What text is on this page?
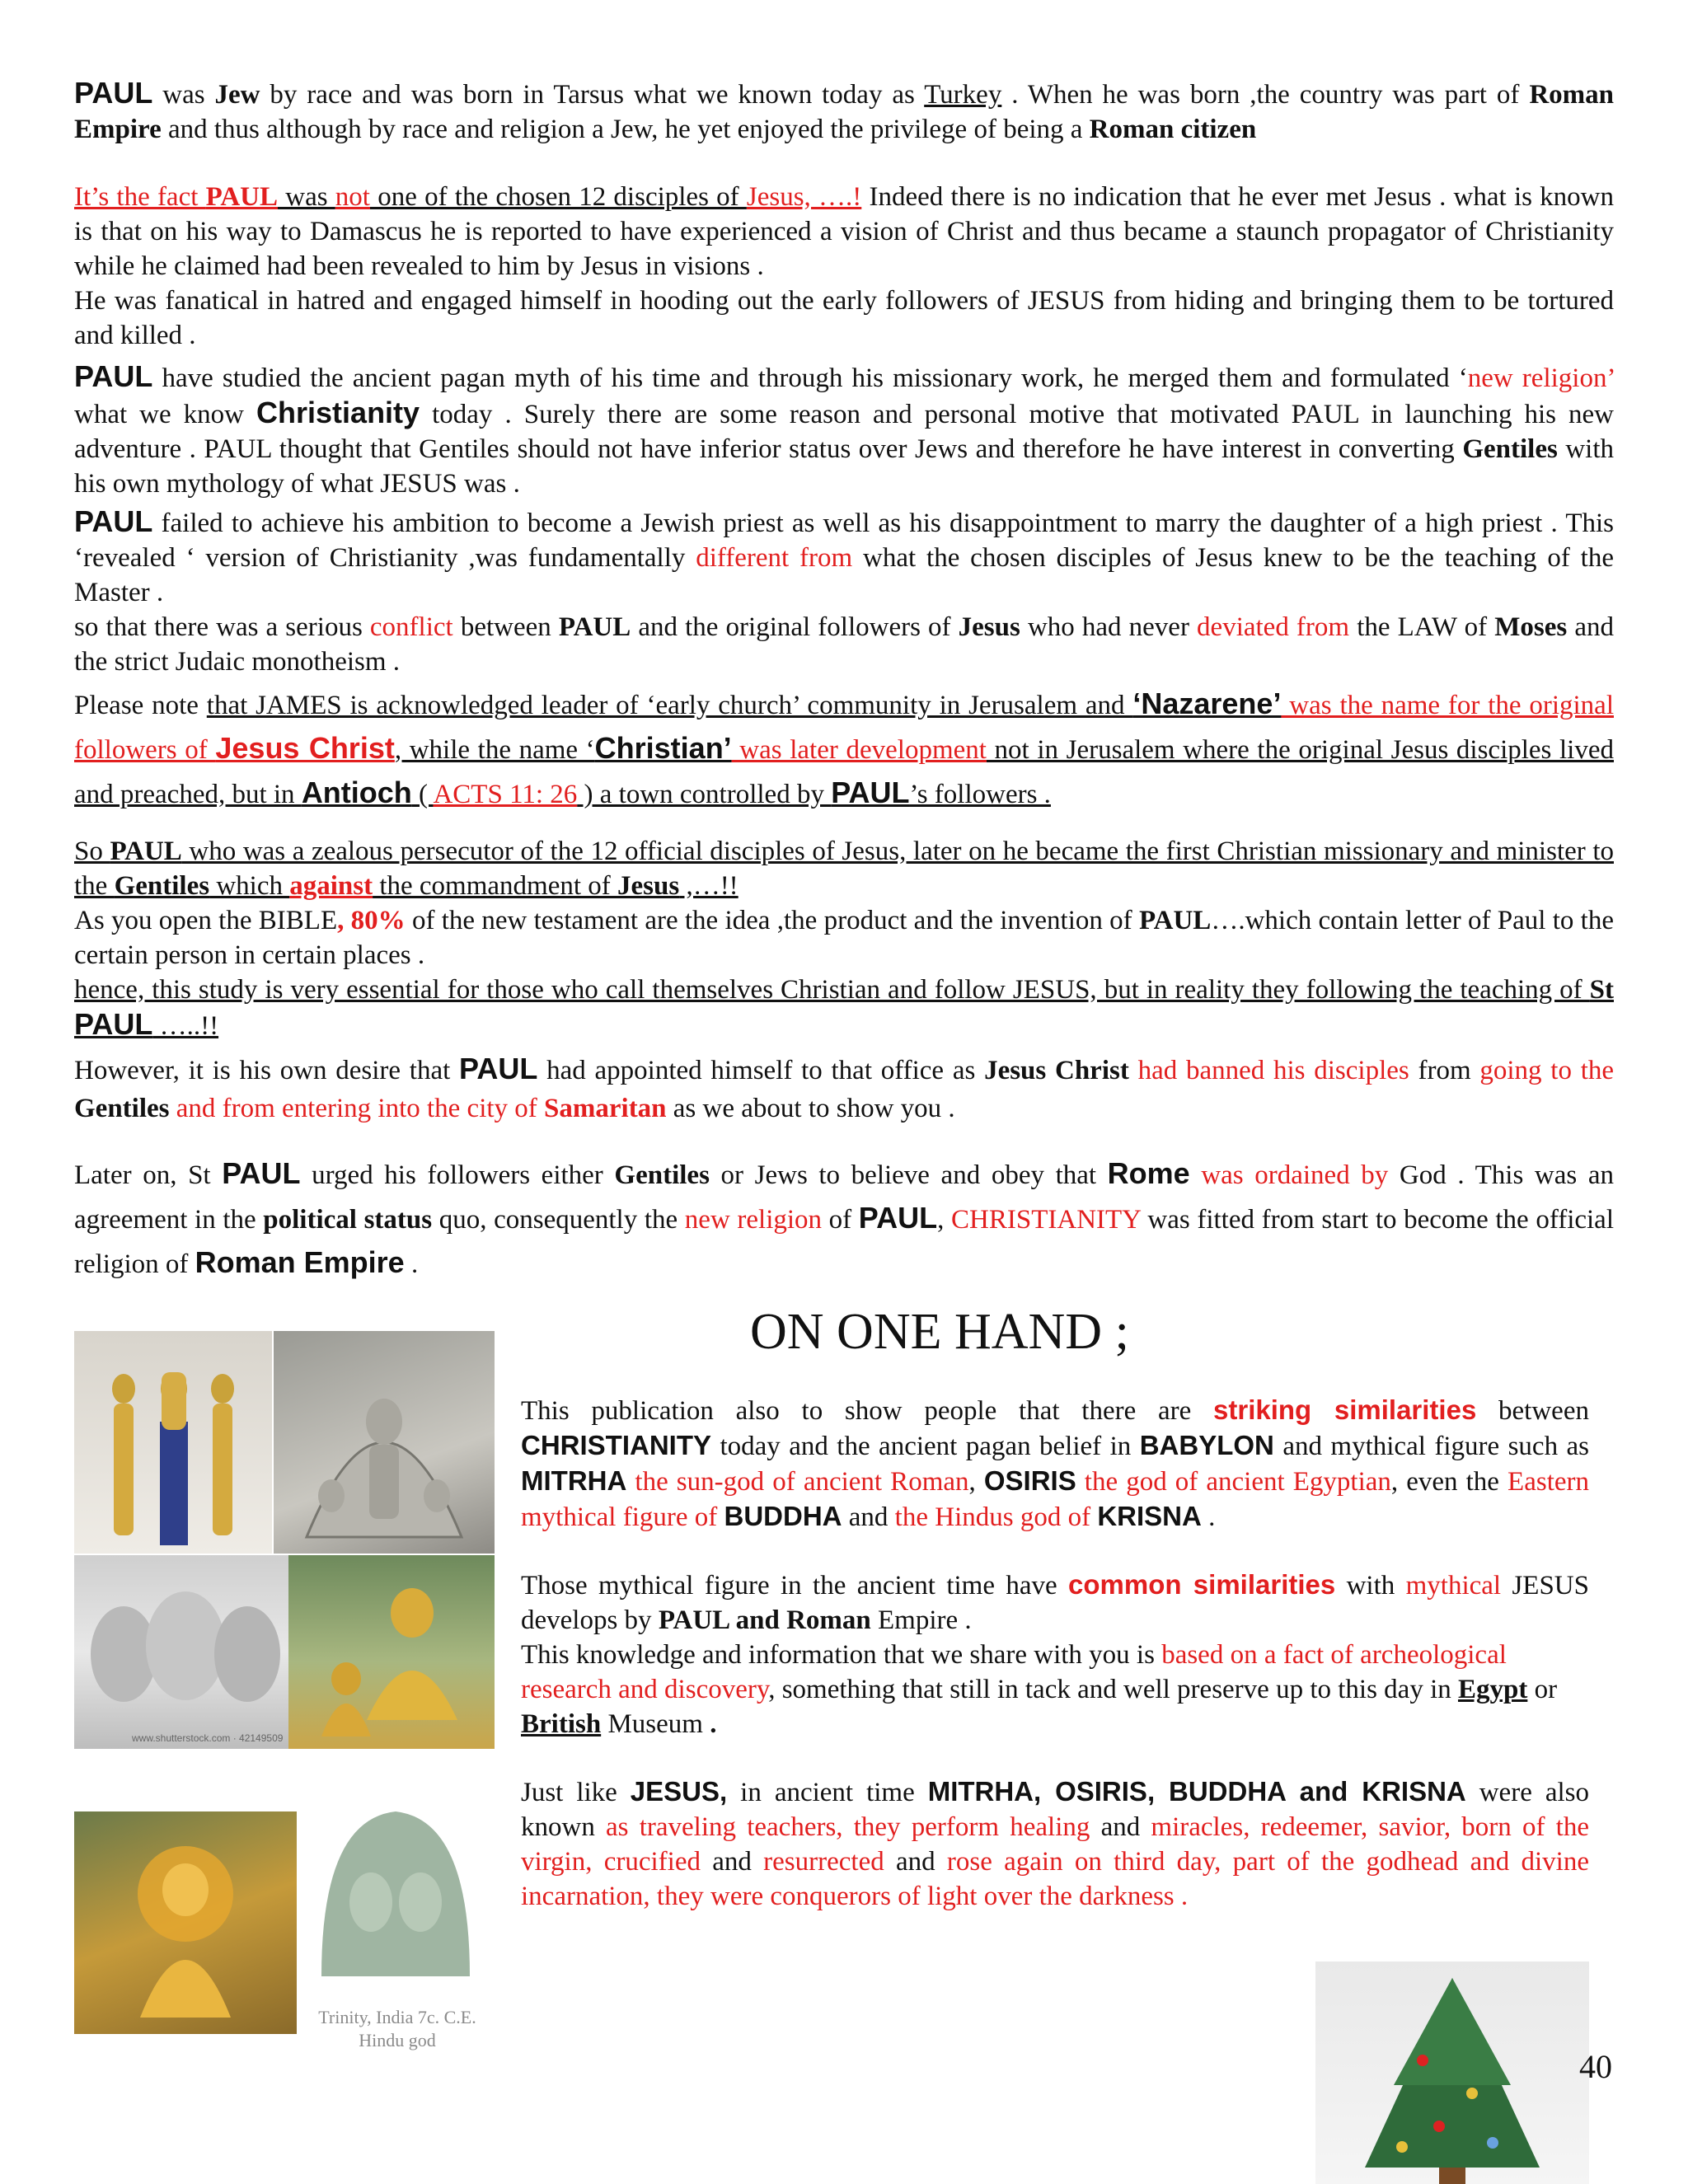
PAUL was Jew by race and was born in Tarsus what we known today as Turkey . When he was born ,the country was part of Roman Empire and thus although by race and religion a Jew, he yet enjoyed the privilege of being a Roman citizen

It’s the fact PAUL was not one of the chosen 12 disciples of Jesus, ….! Indeed there is no indication that he ever met Jesus . what is known is that on his way to Damascus he is reported to have experienced a vision of Christ and thus became a staunch propagator of Christianity while he claimed had been revealed to him by Jesus in visions .
He was fanatical in hatred and engaged himself in hooding out the early followers of JESUS from hiding and bringing them to be tortured and killed .

PAUL have studied the ancient pagan myth of his time and through his missionary work, he merged them and formulated ‘new religion’ what we know Christianity today . Surely there are some reason and personal motive that motivated PAUL in launching his new adventure . PAUL thought that Gentiles should not have inferior status over Jews and therefore he have interest in converting Gentiles with his own mythology of what JESUS was .

PAUL failed to achieve his ambition to become a Jewish priest as well as his disappointment to marry the daughter of a high priest . This ‘revealed ‘ version of Christianity ,was fundamentally different from what the chosen disciples of Jesus knew to be the teaching of the Master .
so that there was a serious conflict between PAUL and the original followers of Jesus who had never deviated from the LAW of Moses and the strict Judaic monotheism .

Please note that JAMES is acknowledged leader of ‘early church’ community in Jerusalem and ‘Nazarene’ was the name for the original followers of Jesus Christ, while the name ‘Christian’ was later development not in Jerusalem where the original Jesus disciples lived and preached, but in Antioch ( ACTS 11: 26 ) a town controlled by PAUL’s followers .

So PAUL who was a zealous persecutor of the 12 official disciples of Jesus, later on he became the first Christian missionary and minister to the Gentiles which against the commandment of Jesus ,…!!
As you open the BIBLE, 80% of the new testament are the idea ,the product and the invention of PAUL….which contain letter of Paul to the certain person in certain places .
hence, this study is very essential for those who call themselves Christian and follow JESUS, but in reality they following the teaching of St PAUL …..!!

However, it is his own desire that PAUL had appointed himself to that office as Jesus Christ had banned his disciples from going to the Gentiles and from entering into the city of Samaritan as we about to show you .

Later on, St PAUL urged his followers either Gentiles or Jews to believe and obey that Rome was ordained by God . This was an agreement in the political status quo, consequently the new religion of PAUL, CHRISTIANITY was fitted from start to become the official religion of Roman Empire .

ON ONE HAND ;
www.shutterstock.com · 42149509
Trinity, India 7c. C.E.
Hindu god

This publication also to show people that there are striking similarities between CHRISTIANITY today and the ancient pagan belief in BABYLON and mythical figure such as MITRHA the sun-god of ancient Roman, OSIRIS the god of ancient Egyptian, even the Eastern mythical figure of BUDDHA and the Hindus god of KRISNA .

Those mythical figure in the ancient time have common similarities with mythical JESUS develops by PAUL and Roman Empire .

This knowledge and information that we share with you is based on a fact of archeological research and discovery, something that still in tack and well preserve up to this day in Egypt or British Museum .

Just like JESUS, in ancient time MITRHA, OSIRIS, BUDDHA and KRISNA were also known as traveling teachers, they perform healing and miracles, redeemer, savior, born of the virgin, crucified and resurrected and rose again on third day, part of the godhead and divine incarnation, they were conquerors of light over the darkness .

40
